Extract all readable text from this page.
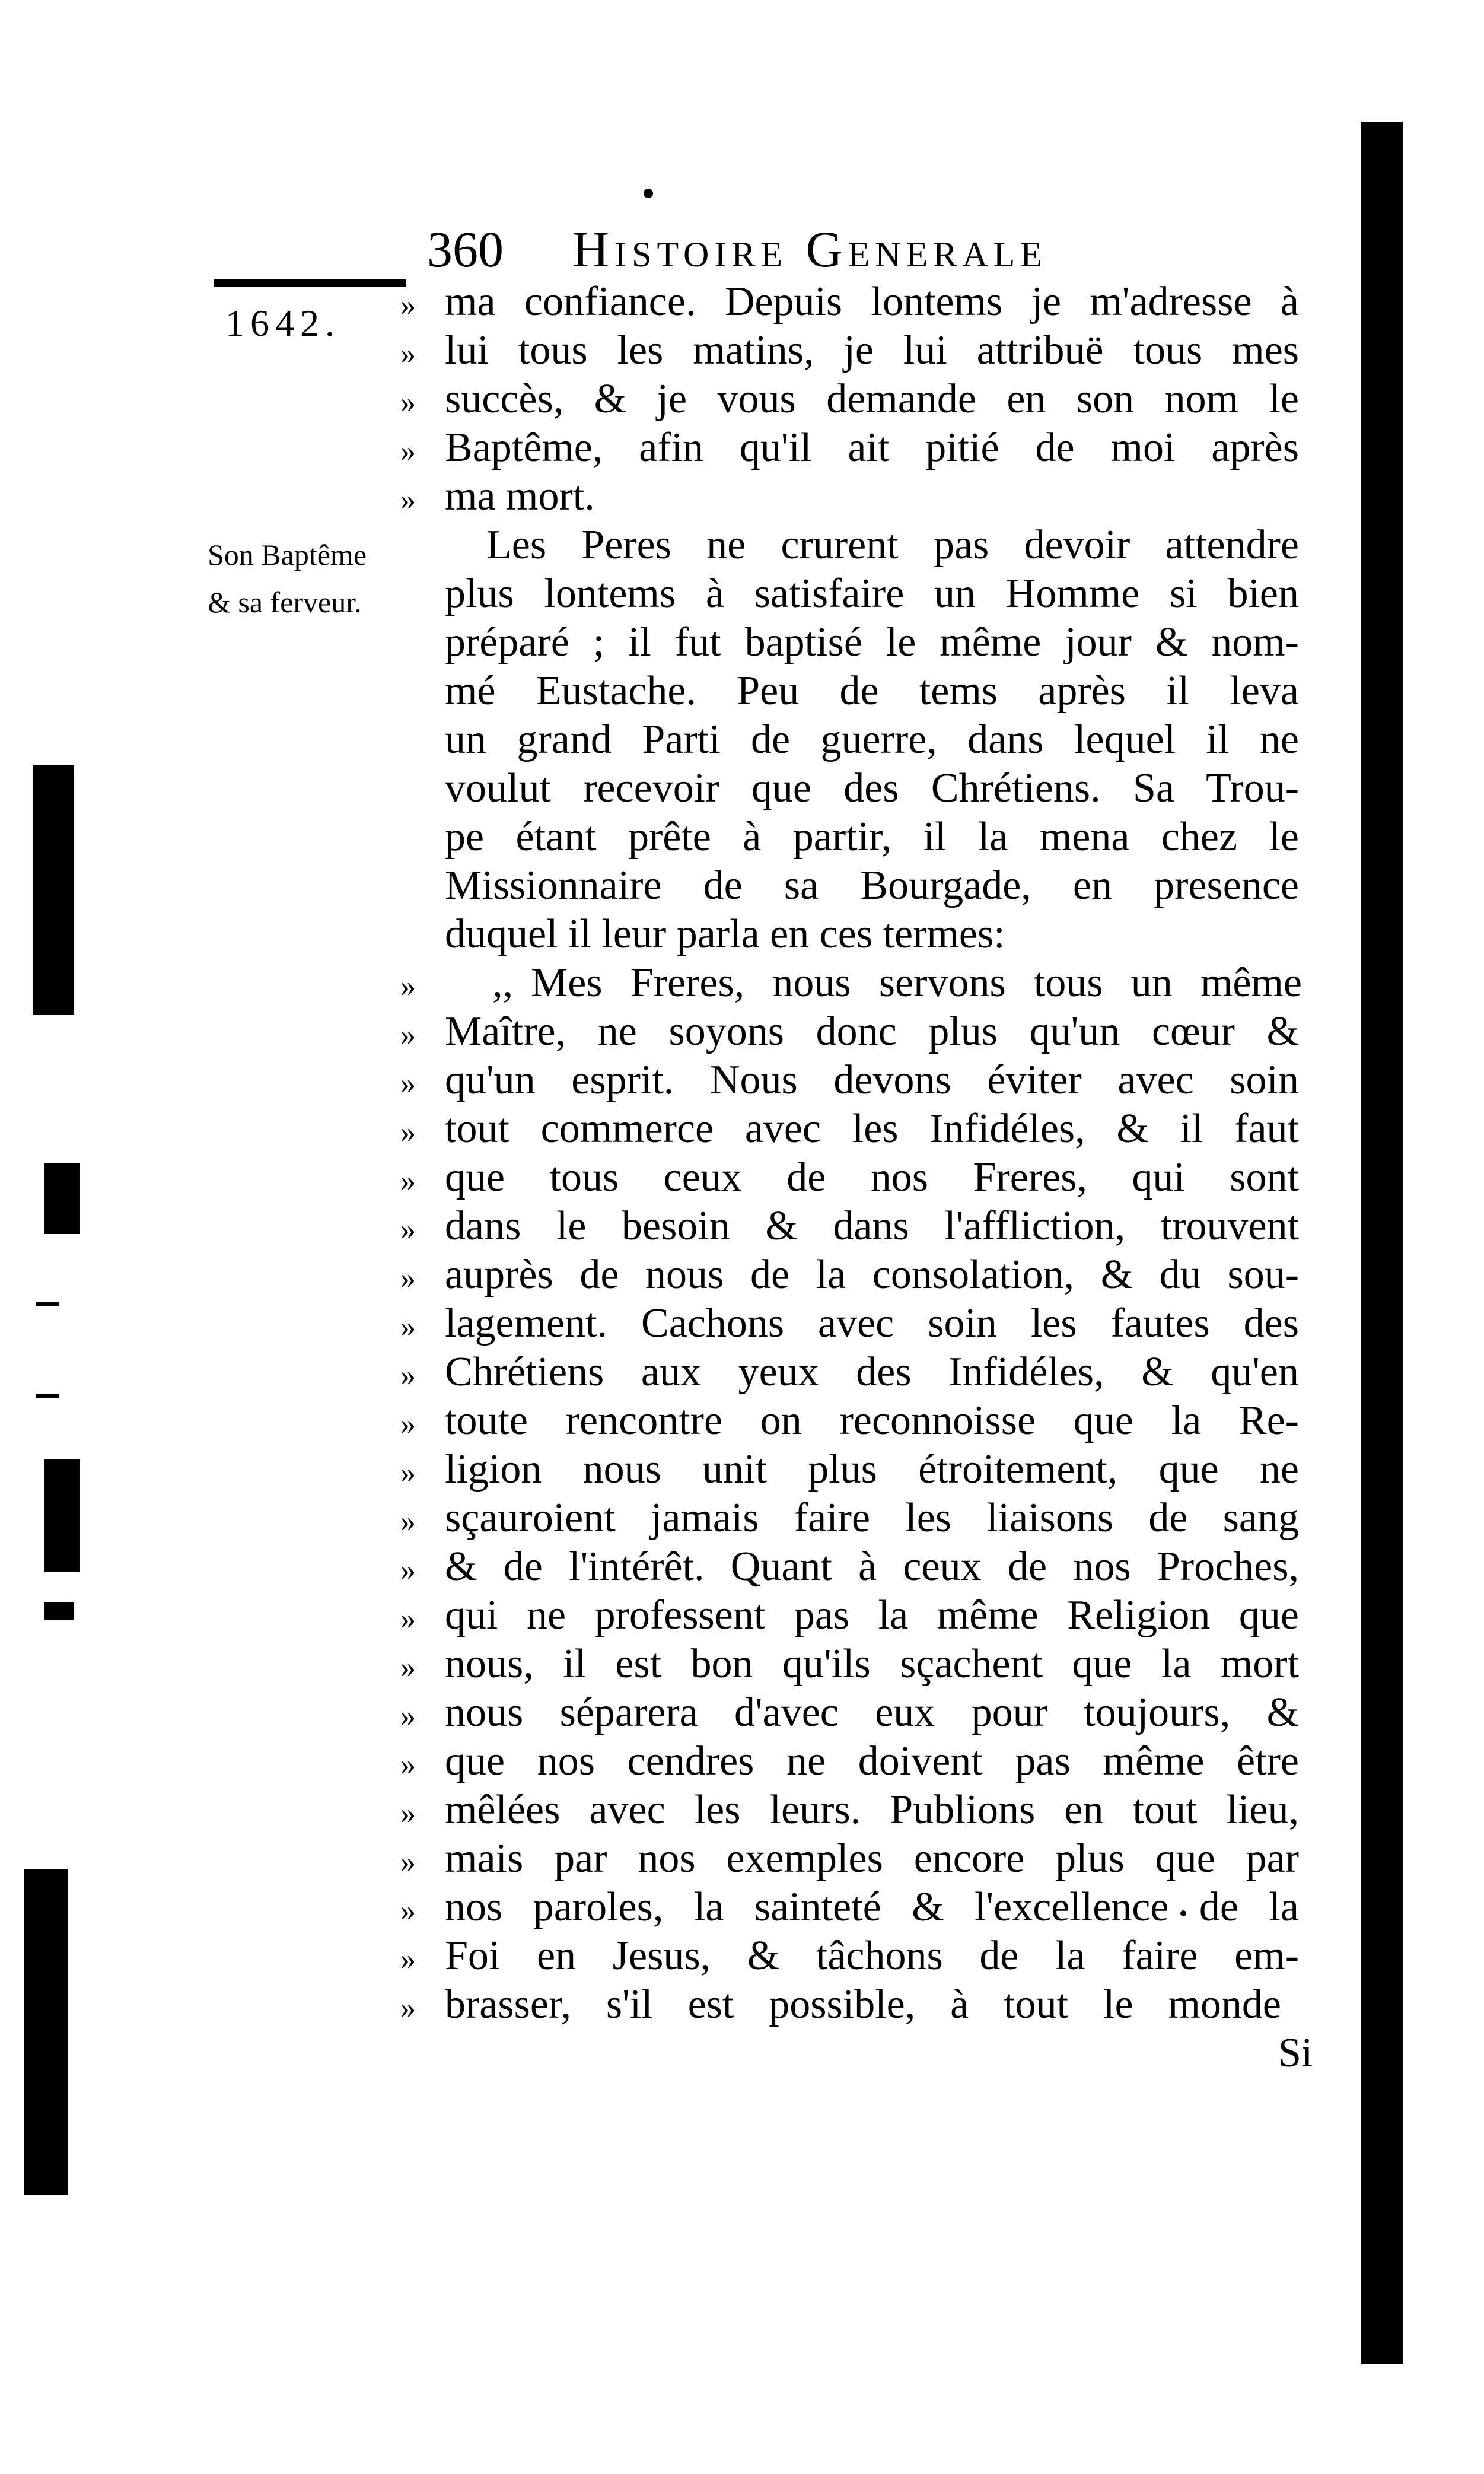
360 Histoire Generale
1642.
Son Baptême
& sa ferveur.
» ma confiance. Depuis lontems je m'adresse à
» lui tous les matins, je lui attribuë tous mes
» succès, & je vous demande en son nom le
» Baptême, afin qu'il ait pitié de moi après
» ma mort.
Les Peres ne crurent pas devoir attendre
plus lontems à satisfaire un Homme si bien
préparé ; il fut baptisé le même jour & nom-
mé Eustache. Peu de tems après il leva
un grand Parti de guerre, dans lequel il ne
voulut recevoir que des Chrétiens. Sa Trou-
pe étant prête à partir, il la mena chez le
Missionnaire de sa Bourgade, en presence
duquel il leur parla en ces termes:
» ,, Mes Freres, nous servons tous un même
» Maître, ne soyons donc plus qu'un cœur &
» qu'un esprit. Nous devons éviter avec soin
» tout commerce avec les Infidéles, & il faut
» que tous ceux de nos Freres, qui sont
» dans le besoin & dans l'affliction, trouvent
» auprès de nous de la consolation, & du sou-
» lagement. Cachons avec soin les fautes des
» Chrétiens aux yeux des Infidéles, & qu'en
» toute rencontre on reconnoisse que la Re-
» ligion nous unit plus étroitement, que ne
» sçauroient jamais faire les liaisons de sang
» & de l'intérêt. Quant à ceux de nos Proches,
» qui ne professent pas la même Religion que
» nous, il est bon qu'ils sçachent que la mort
» nous séparera d'avec eux pour toujours, &
» que nos cendres ne doivent pas même être
» mêlées avec les leurs. Publions en tout lieu,
» mais par nos exemples encore plus que par
» nos paroles, la sainteté & l'excellence de la
» Foi en Jesus, & tâchons de la faire em-
» brasser, s'il est possible, à tout le monde
Si
